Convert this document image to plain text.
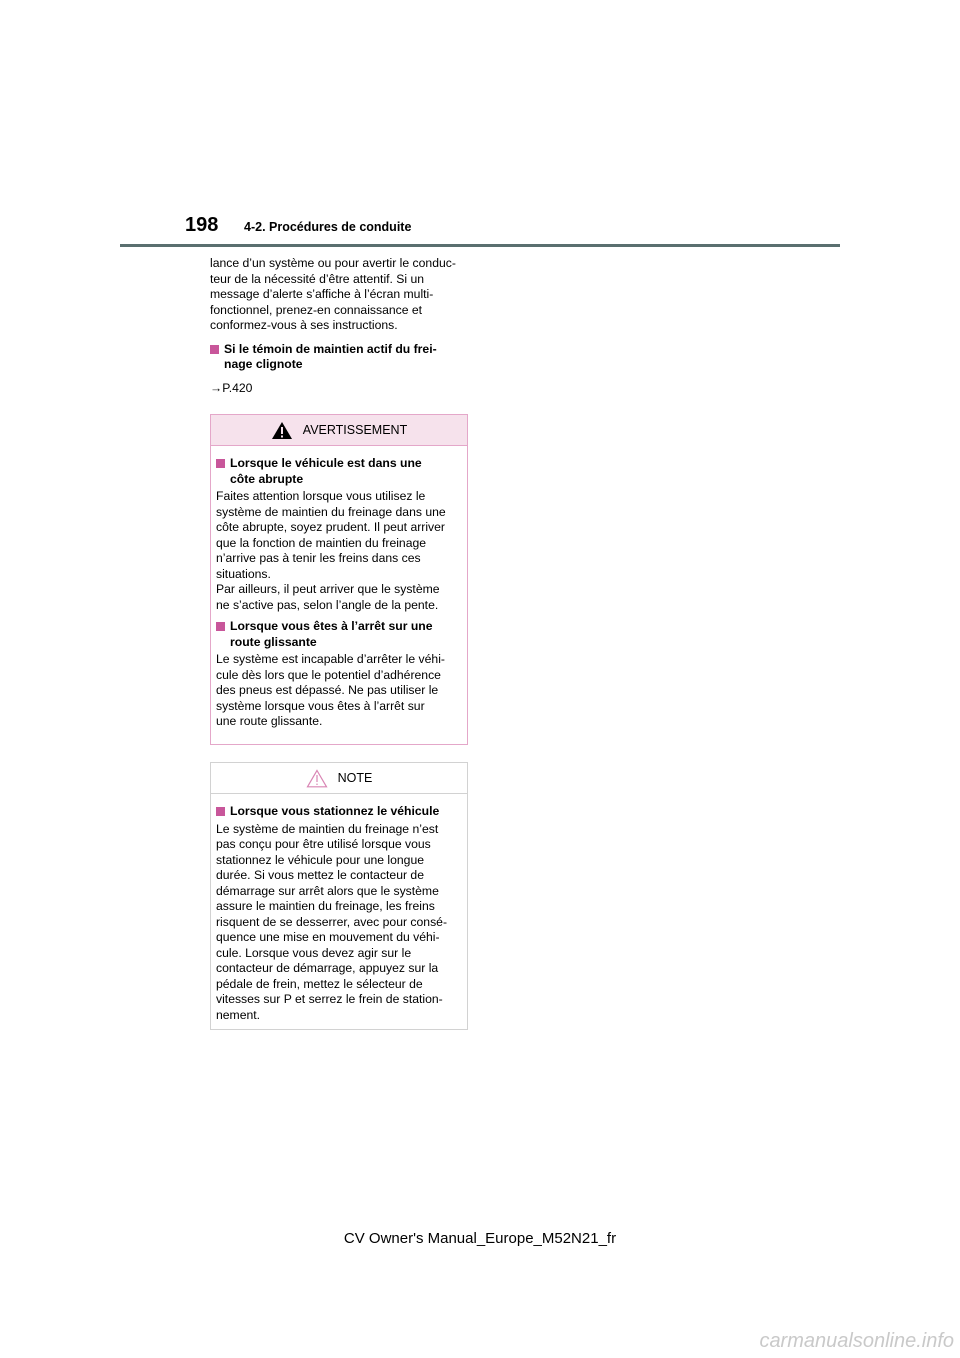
198 4-2. Procédures de conduite

lance d’un système ou pour avertir le conduc-
teur de la nécessité d’être attentif. Si un
message d’alerte s’affiche à l’écran multi-
fonctionnel, prenez-en connaissance et
conformez-vous à ses instructions.

Si le témoin de maintien actif du frei-
nage clignote
→P.420
AVERTISSEMENT
Lorsque le véhicule est dans une
côte abrupte

Faites attention lorsque vous utilisez le
système de maintien du freinage dans une
côte abrupte, soyez prudent. Il peut arriver
que la fonction de maintien du freinage
n’arrive pas à tenir les freins dans ces
situations.
Par ailleurs, il peut arriver que le système
ne s’active pas, selon l’angle de la pente.

Lorsque vous êtes à l’arrêt sur une
route glissante

Le système est incapable d’arrêter le véhi-
cule dès lors que le potentiel d’adhérence
des pneus est dépassé. Ne pas utiliser le
système lorsque vous êtes à l’arrêt sur
une route glissante.

NOTE
Lorsque vous stationnez le véhicule

Le système de maintien du freinage n’est
pas conçu pour être utilisé lorsque vous
stationnez le véhicule pour une longue
durée. Si vous mettez le contacteur de
démarrage sur arrêt alors que le système
assure le maintien du freinage, les freins
risquent de se desserrer, avec pour consé-
quence une mise en mouvement du véhi-
cule. Lorsque vous devez agir sur le
contacteur de démarrage, appuyez sur la
pédale de frein, mettez le sélecteur de
vitesses sur P et serrez le frein de station-
nement.

CV Owner's Manual_Europe_M52N21_fr
carmanualsonline.info
